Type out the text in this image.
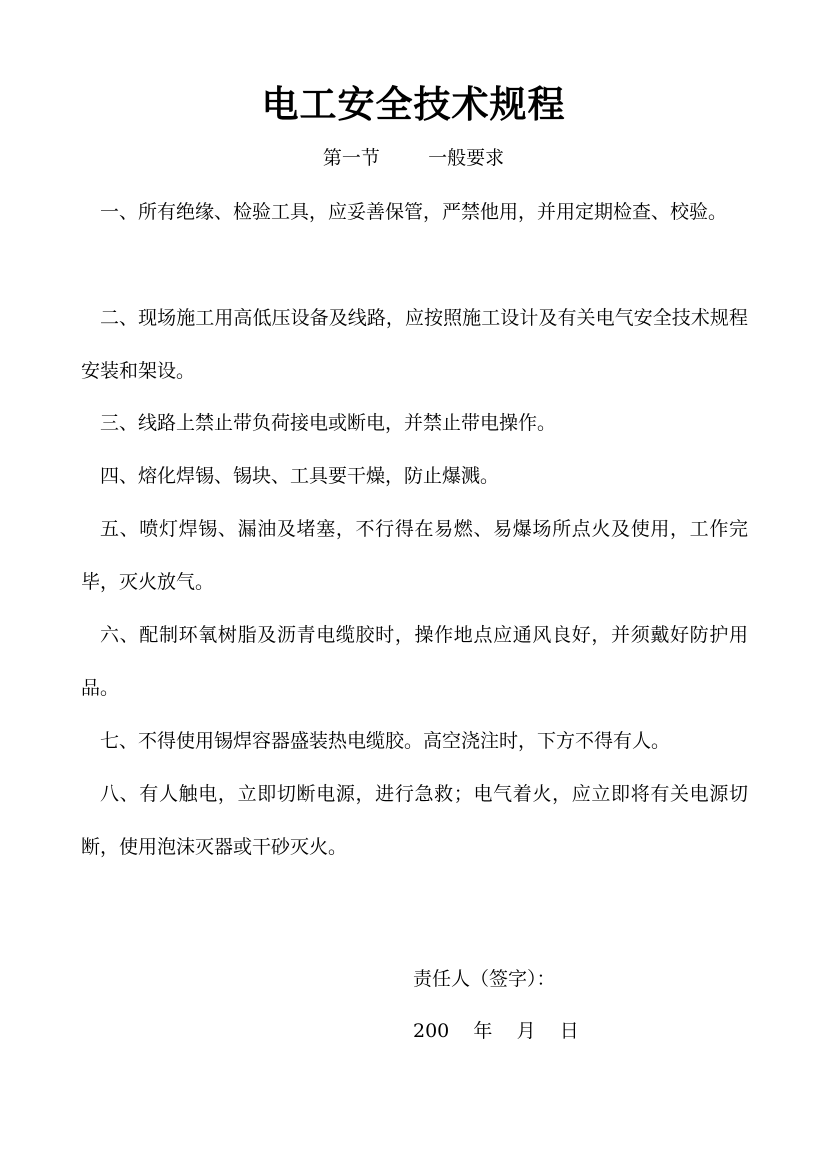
电工安全技术规程
第一节        一般要求

一、所有绝缘、检验工具，应妥善保管，严禁他用，并用定期检查、校验。

二、现场施工用高低压设备及线路，应按照施工设计及有关电气安全技术规程安装和架设。

三、线路上禁止带负荷接电或断电，并禁止带电操作。

四、熔化焊锡、锡块、工具要干燥，防止爆溅。

五、喷灯焊锡、漏油及堵塞，不行得在易燃、易爆场所点火及使用，工作完毕，灭火放气。

六、配制环氧树脂及沥青电缆胶时，操作地点应通风良好，并须戴好防护用品。

七、不得使用锡焊容器盛装热电缆胶。高空浇注时，下方不得有人。

八、有人触电，立即切断电源，进行急救；电气着火，应立即将有关电源切断，使用泡沫灭器或干砂灭火。

责任人（签字）：
200    年    月    日
